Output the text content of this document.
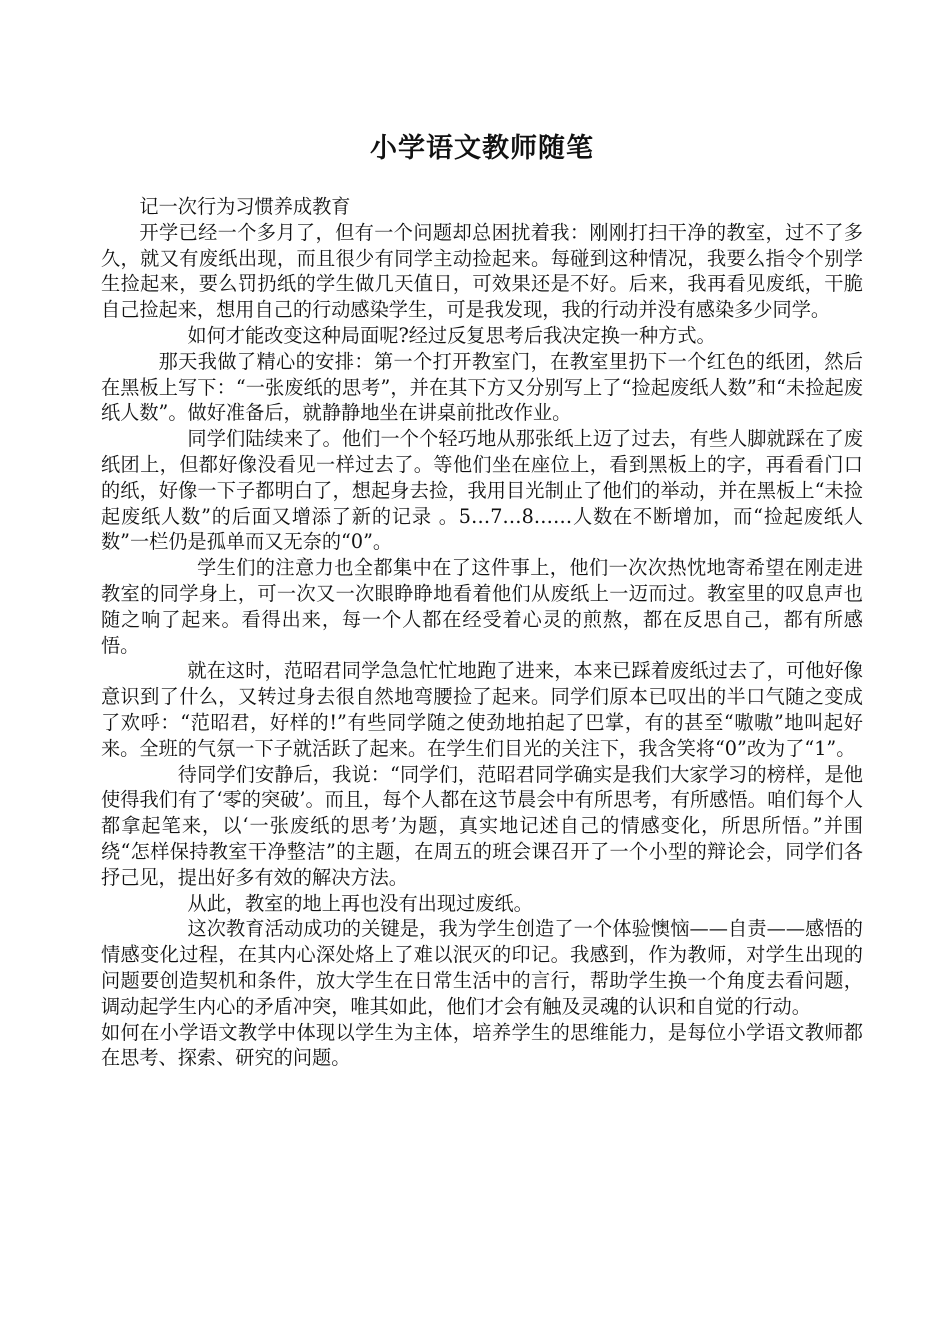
小学语文教师随笔

记一次行为习惯养成教育

开学已经一个多月了，但有一个问题却总困扰着我：刚刚打扫干净的教室，过不了多久，就又有废纸出现，而且很少有同学主动捡起来。每碰到这种情况，我要么指令个别学生捡起来，要么罚扔纸的学生做几天值日，可效果还是不好。后来，我再看见废纸，干脆自己捡起来，想用自己的行动感染学生，可是我发现，我的行动并没有感染多少同学。

如何才能改变这种局面呢?经过反复思考后我决定换一种方式。

那天我做了精心的安排：第一个打开教室门，在教室里扔下一个红色的纸团，然后在黑板上写下：“一张废纸的思考”，并在其下方又分别写上了“捡起废纸人数”和“未捡起废纸人数”。做好准备后，就静静地坐在讲桌前批改作业。

同学们陆续来了。他们一个个轻巧地从那张纸上迈了过去，有些人脚就踩在了废纸团上，但都好像没看见一样过去了。等他们坐在座位上，看到黑板上的字，再看看门口的纸，好像一下子都明白了，想起身去捡，我用目光制止了他们的举动，并在黑板上“未捡起废纸人数”的后面又增添了新的记录 。5…7…8……人数在不断增加，而“捡起废纸人数”一栏仍是孤单而又无奈的“0”。

学生们的注意力也全都集中在了这件事上，他们一次次热忱地寄希望在刚走进教室的同学身上，可一次又一次眼睁睁地看着他们从废纸上一迈而过。教室里的叹息声也随之响了起来。看得出来，每一个人都在经受着心灵的煎熬，都在反思自己，都有所感悟。

就在这时，范昭君同学急急忙忙地跑了进来，本来已踩着废纸过去了，可他好像意识到了什么，又转过身去很自然地弯腰捡了起来。同学们原本已叹出的半口气随之变成了欢呼：“范昭君，好样的!”有些同学随之使劲地拍起了巴掌，有的甚至“嗷嗷”地叫起好来。全班的气氛一下子就活跃了起来。在学生们目光的关注下，我含笑将“0”改为了“1”。

待同学们安静后，我说：“同学们，范昭君同学确实是我们大家学习的榜样，是他使得我们有了‘零的突破’。而且，每个人都在这节晨会中有所思考，有所感悟。咱们每个人都拿起笔来，以‘一张废纸的思考’为题，真实地记述自己的情感变化，所思所悟。”并围绕“怎样保持教室干净整洁”的主题，在周五的班会课召开了一个小型的辩论会，同学们各抒己见，提出好多有效的解决方法。

从此，教室的地上再也没有出现过废纸。

这次教育活动成功的关键是，我为学生创造了一个体验懊恼——自责——感悟的情感变化过程，在其内心深处烙上了难以泯灭的印记。我感到，作为教师，对学生出现的问题要创造契机和条件，放大学生在日常生活中的言行，帮助学生换一个角度去看问题，调动起学生内心的矛盾冲突，唯其如此，他们才会有触及灵魂的认识和自觉的行动。

如何在小学语文教学中体现以学生为主体，培养学生的思维能力，是每位小学语文教师都在思考、探索、研究的问题。
